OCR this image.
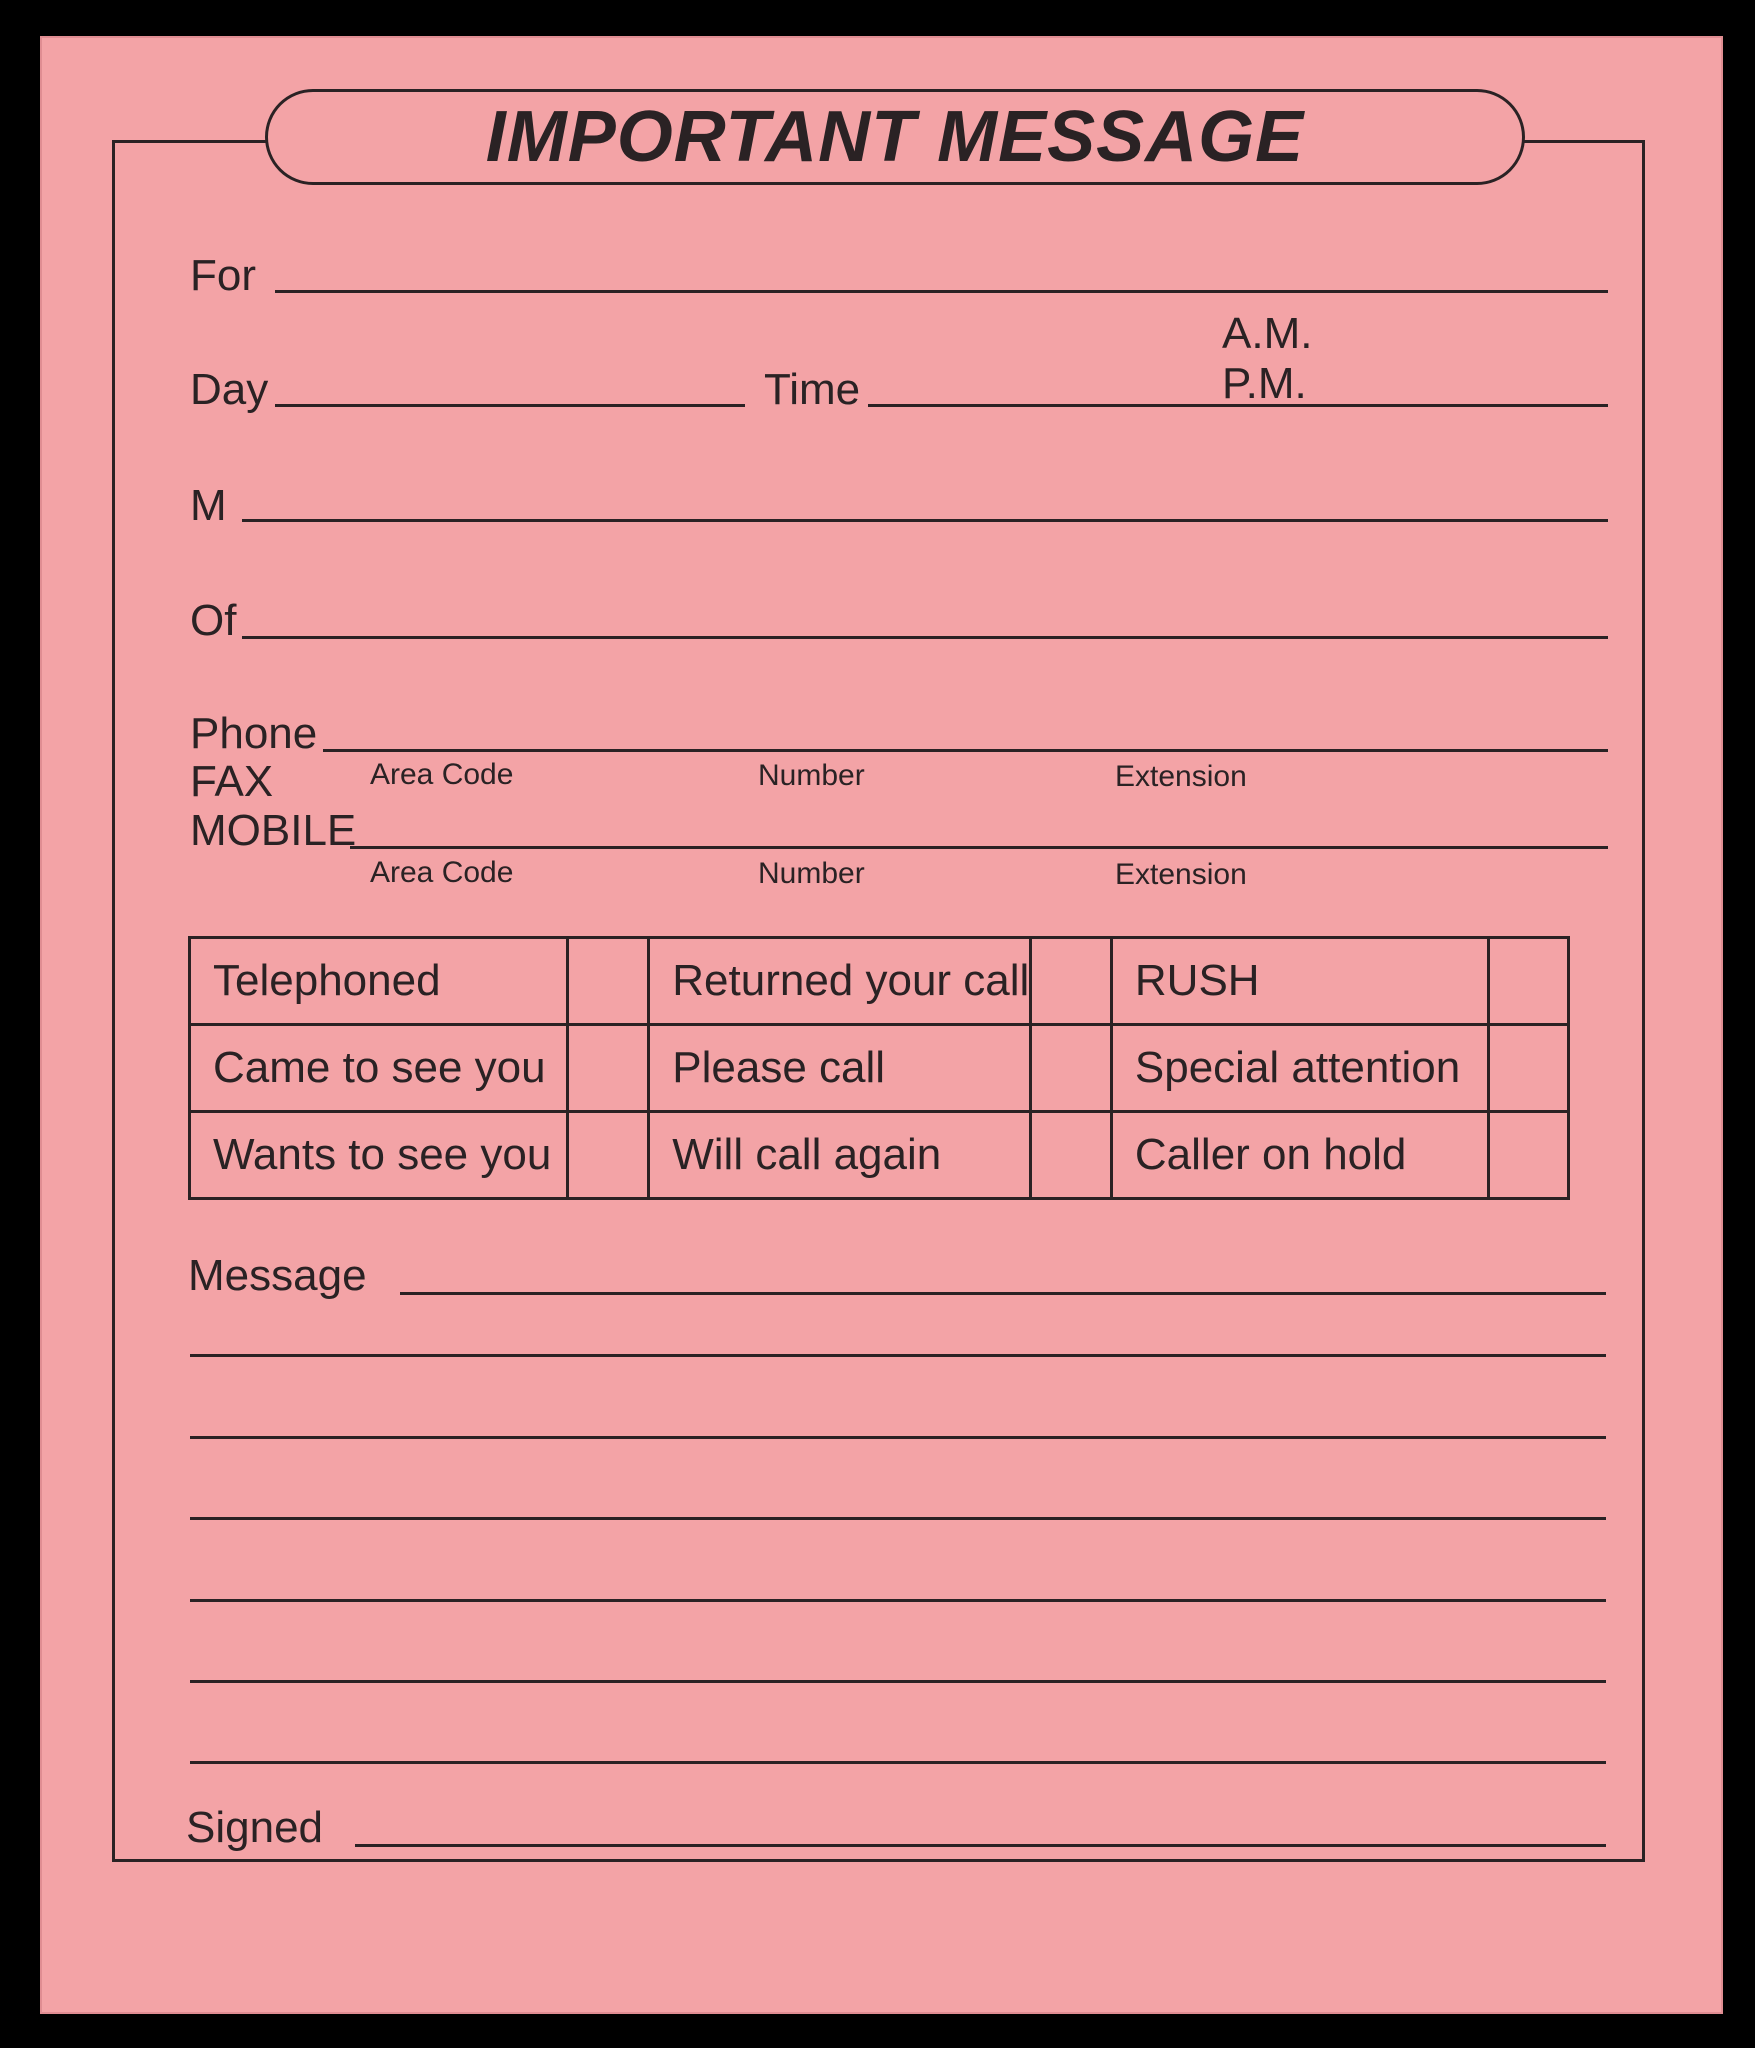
IMPORTANT MESSAGE
For
Day	Time
A.M.
P.M.
M
Of
Phone
FAX	Area Code	Number	Extension
MOBILE
Area Code	Number	Extension
Telephoned		Returned your call		RUSH	
Came to see you		Please call		Special attention	
Wants to see you		Will call again		Caller on hold	
Message
Signed
